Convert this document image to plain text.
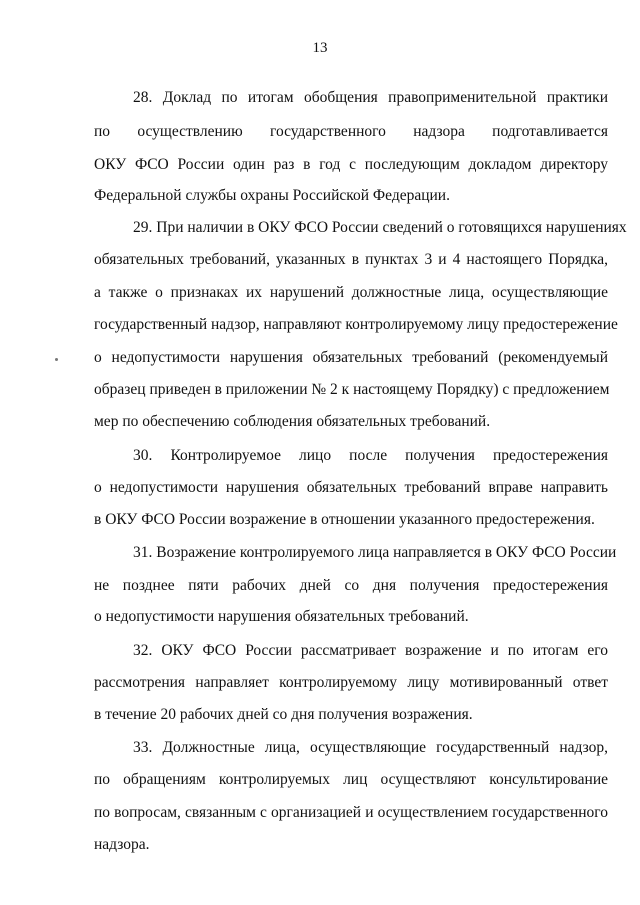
13
28. Доклад по итогам обобщения правоприменительной практики
по осуществлению государственного надзора подготавливается
ОКУ ФСО России один раз в год с последующим докладом директору
Федеральной службы охраны Российской Федерации.
29. При наличии в ОКУ ФСО России сведений о готовящихся нарушениях
обязательных требований, указанных в пунктах 3 и 4 настоящего Порядка,
а также о признаках их нарушений должностные лица, осуществляющие
государственный надзор, направляют контролируемому лицу предостережение
о недопустимости нарушения обязательных требований (рекомендуемый
образец приведен в приложении № 2 к настоящему Порядку) с предложением
мер по обеспечению соблюдения обязательных требований.
30. Контролируемое лицо после получения предостережения
о недопустимости нарушения обязательных требований вправе направить
в ОКУ ФСО России возражение в отношении указанного предостережения.
31. Возражение контролируемого лица направляется в ОКУ ФСО России
не позднее пяти рабочих дней со дня получения предостережения
о недопустимости нарушения обязательных требований.
32. ОКУ ФСО России рассматривает возражение и по итогам его
рассмотрения направляет контролируемому лицу мотивированный ответ
в течение 20 рабочих дней со дня получения возражения.
33. Должностные лица, осуществляющие государственный надзор,
по обращениям контролируемых лиц осуществляют консультирование
по вопросам, связанным с организацией и осуществлением государственного
надзора.
